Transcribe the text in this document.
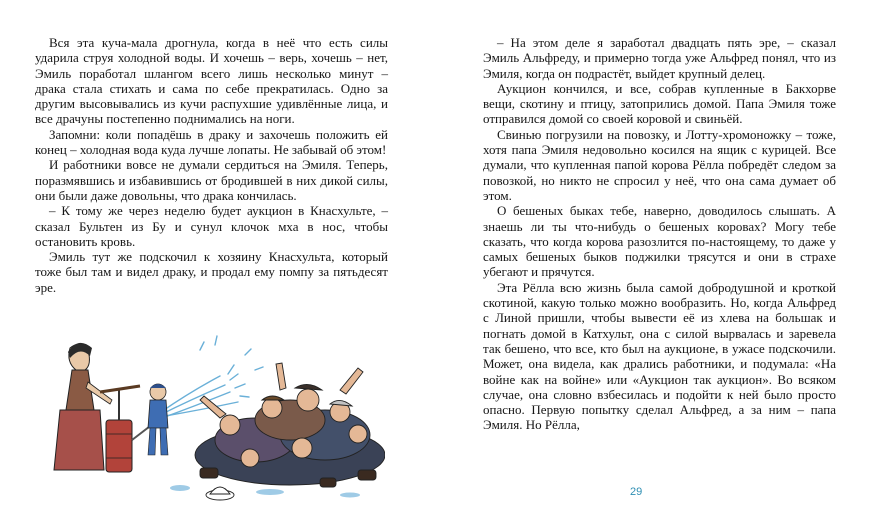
Вся эта куча-мала дрогнула, когда в неё что есть силы ударила струя холодной воды. И хочешь – верь, хочешь – нет, Эмиль поработал шлангом всего лишь несколько минут – драка стала стихать и сама по себе прекратилась. Одно за другим высовывались из кучи распухшие удивлённые лица, и все драчуны постепенно поднимались на ноги.

Запомни: коли попадёшь в драку и захочешь положить ей конец – холодная вода куда лучше лопаты. Не забывай об этом!

И работники вовсе не думали сердиться на Эмиля. Теперь, поразмявшись и избавившись от бродившей в них дикой силы, они были даже довольны, что драка кончилась.

– К тому же через неделю будет аукцион в Кнасхульте, – сказал Бультен из Бу и сунул клочок мха в нос, чтобы остановить кровь.

Эмиль тут же подскочил к хозяину Кнасхульта, который тоже был там и видел драку, и продал ему помпу за пятьдесят эре.

– На этом деле я заработал двадцать пять эре, – сказал Эмиль Альфреду, и примерно тогда уже Альфред понял, что из Эмиля, когда он подрастёт, выйдет крупный делец.

Аукцион кончился, и все, собрав купленные в Бакхорве вещи, скотину и птицу, затопрились домой. Папа Эмиля тоже отправился домой со своей коровой и свиньёй.

Свинью погрузили на повозку, и Лотту-хромоножку – тоже, хотя папа Эмиля недовольно косился на ящик с курицей. Все думали, что купленная папой корова Рёлла побредёт следом за повозкой, но никто не спросил у неё, что она сама думает об этом.

О бешеных быках тебе, наверно, доводилось слышать. А знаешь ли ты что-нибудь о бешеных коровах? Могу тебе сказать, что когда корова разозлится по-настоящему, то даже у самых бешеных быков поджилки трясутся и они в страхе убегают и прячутся.

Эта Рёлла всю жизнь была самой добродушной и кроткой скотиной, какую только можно вообразить. Но, когда Альфред с Линой пришли, чтобы вывести её из хлева на большак и погнать домой в Катхульт, она с силой вырвалась и заревела так бешено, что все, кто был на аукционе, в ужасе подскочили. Может, она видела, как дрались работники, и подумала: «На войне как на войне» или «Аукцион так аукцион». Во всяком случае, она словно взбесилась и подойти к ней было просто опасно. Первую попытку сделал Альфред, а за ним – папа Эмиля. Но Рёлла,

29
